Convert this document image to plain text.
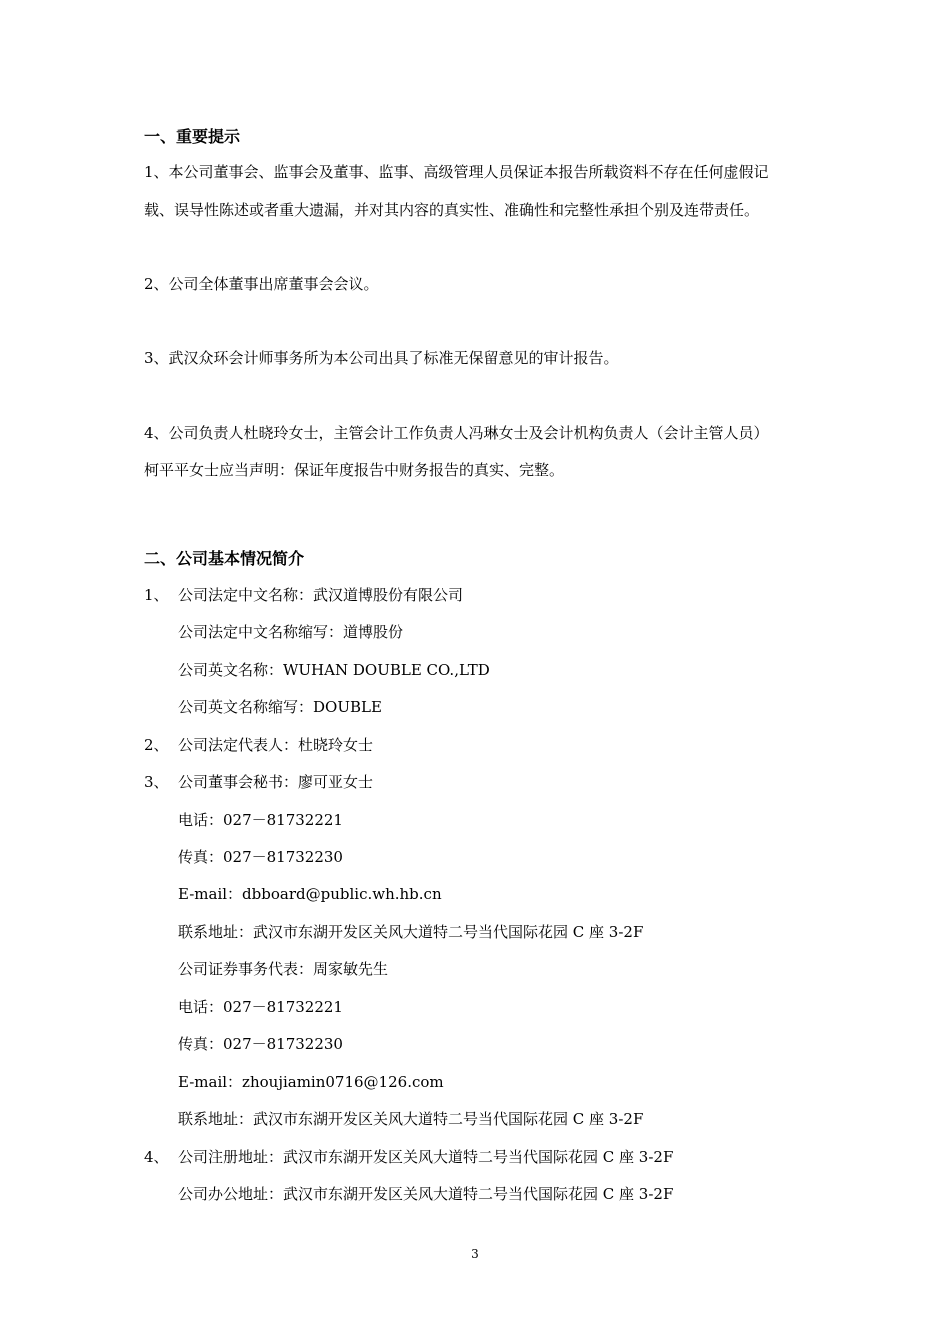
一、重要提示
1、本公司董事会、监事会及董事、监事、高级管理人员保证本报告所载资料不存在任何虚假记
载、误导性陈述或者重大遗漏，并对其内容的真实性、准确性和完整性承担个别及连带责任。
2、公司全体董事出席董事会会议。
3、武汉众环会计师事务所为本公司出具了标准无保留意见的审计报告。
4、公司负责人杜晓玲女士，主管会计工作负责人冯琳女士及会计机构负责人（会计主管人员）
柯平平女士应当声明：保证年度报告中财务报告的真实、完整。
二、公司基本情况简介
1、 公司法定中文名称：武汉道博股份有限公司
公司法定中文名称缩写：道博股份
公司英文名称：WUHAN DOUBLE CO.,LTD
公司英文名称缩写：DOUBLE
2、 公司法定代表人：杜晓玲女士
3、 公司董事会秘书：廖可亚女士
电话：027－81732221
传真：027－81732230
E-mail：dbboard@public.wh.hb.cn
联系地址：武汉市东湖开发区关风大道特二号当代国际花园 C 座 3-2F
公司证券事务代表：周家敏先生
电话：027－81732221
传真：027－81732230
E-mail：zhoujiamin0716@126.com
联系地址：武汉市东湖开发区关风大道特二号当代国际花园 C 座 3-2F
4、 公司注册地址：武汉市东湖开发区关风大道特二号当代国际花园 C 座 3-2F
公司办公地址：武汉市东湖开发区关风大道特二号当代国际花园 C 座 3-2F
3
